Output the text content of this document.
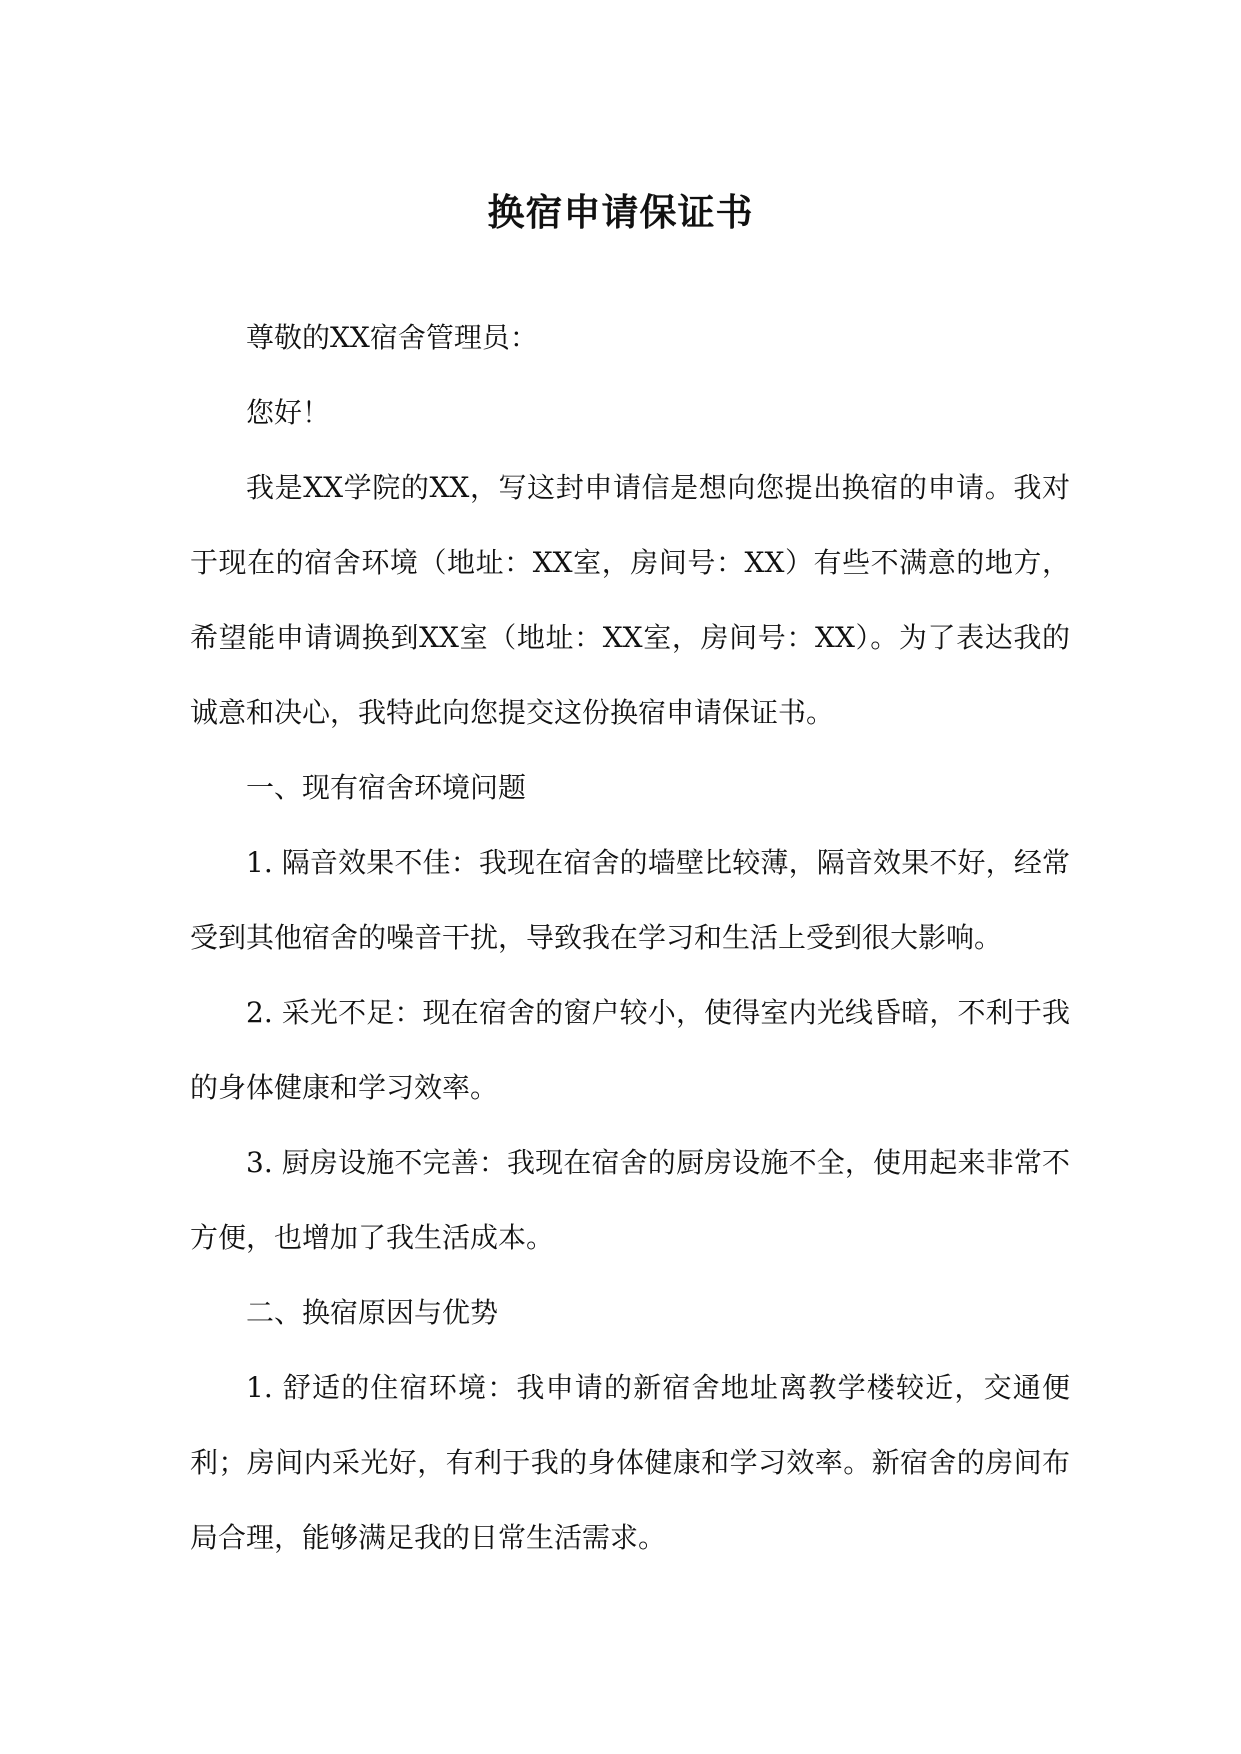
换宿申请保证书

尊敬的XX宿舍管理员：

您好！

我是XX学院的XX，写这封申请信是想向您提出换宿的申请。我对于现在的宿舍环境（地址：XX室，房间号：XX）有些不满意的地方，希望能申请调换到XX室（地址：XX室，房间号：XX）。为了表达我的诚意和决心，我特此向您提交这份换宿申请保证书。

一、现有宿舍环境问题

1. 隔音效果不佳：我现在宿舍的墙壁比较薄，隔音效果不好，经常受到其他宿舍的噪音干扰，导致我在学习和生活上受到很大影响。

2. 采光不足：现在宿舍的窗户较小，使得室内光线昏暗，不利于我的身体健康和学习效率。

3. 厨房设施不完善：我现在宿舍的厨房设施不全，使用起来非常不方便，也增加了我生活成本。

二、换宿原因与优势

1. 舒适的住宿环境：我申请的新宿舍地址离教学楼较近，交通便利；房间内采光好，有利于我的身体健康和学习效率。新宿舍的房间布局合理，能够满足我的日常生活需求。
